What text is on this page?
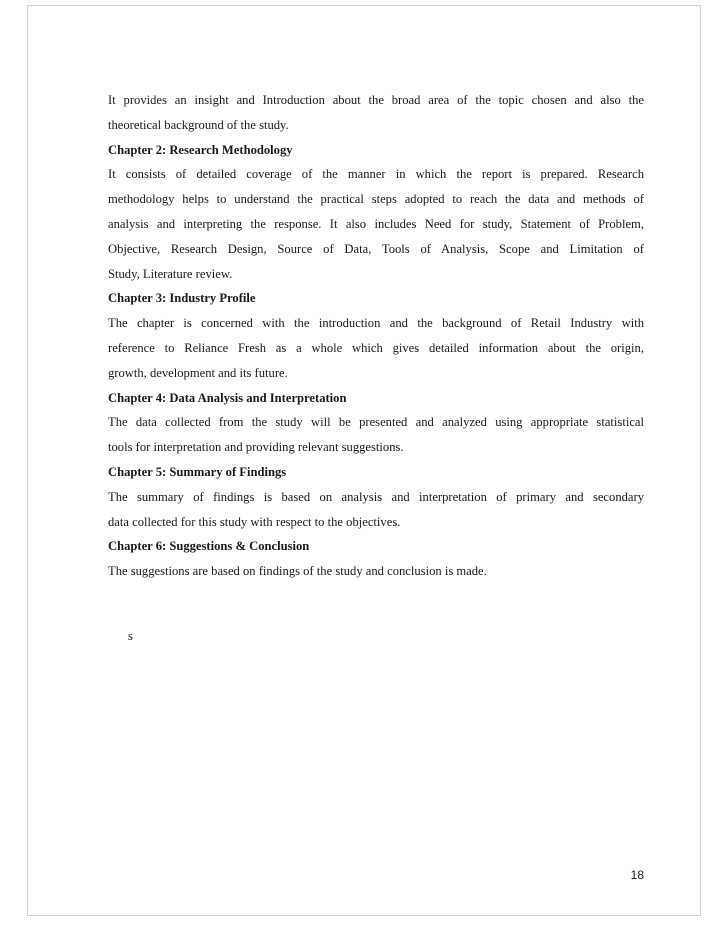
It provides an insight and Introduction about the broad area of the topic chosen and also the
theoretical background of the study.
Chapter 2: Research Methodology
It consists of detailed coverage of the manner in which the report is prepared. Research
methodology helps to understand the practical steps adopted to reach the data and methods of
analysis and interpreting the response. It also includes Need for study, Statement of Problem,
Objective, Research Design, Source of Data, Tools of Analysis, Scope and Limitation of
Study, Literature review.
Chapter 3: Industry Profile
The chapter is concerned with the introduction and the background of Retail Industry with
reference to Reliance Fresh as a whole which gives detailed information about the origin,
growth, development and its future.
Chapter 4: Data Analysis and Interpretation
The data collected from the study will be presented and analyzed using appropriate statistical
tools for interpretation and providing relevant suggestions.
Chapter 5: Summary of Findings
The summary of findings is based on analysis and interpretation of primary and secondary
data collected for this study with respect to the objectives.
Chapter 6: Suggestions & Conclusion
The suggestions are based on findings of the study and conclusion is made.
s
18
